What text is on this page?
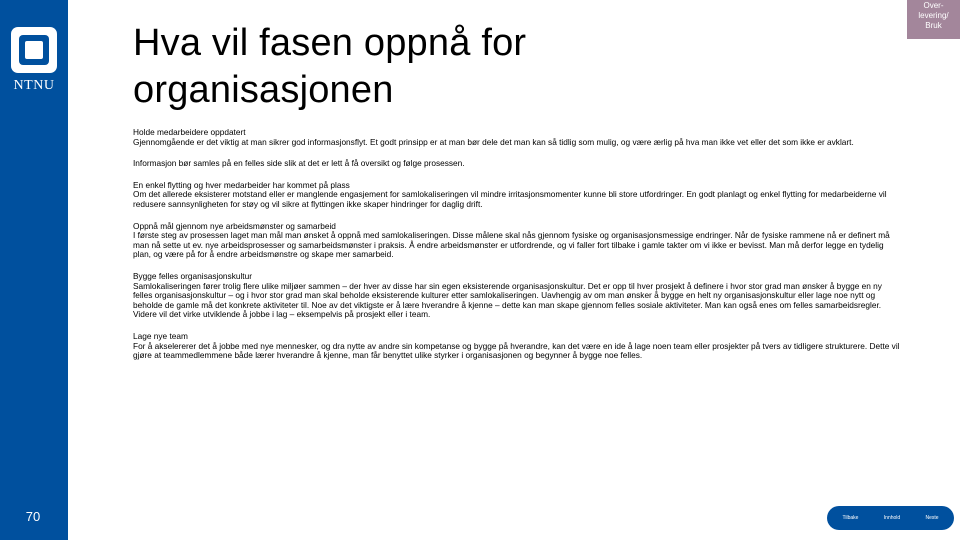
NTNU
70
Over-
levering/
Bruk
Hva vil fasen oppnå for
organisasjonen

Holde medarbeidere oppdatert

Gjennomgående er det viktig at man sikrer god informasjonsflyt. Et godt prinsipp er at man bør dele det man kan så tidlig som mulig, og være ærlig på hva man ikke vet eller det som ikke er avklart.

Informasjon bør samles på en felles side slik at det er lett å få oversikt og følge prosessen.

En enkel flytting og hver medarbeider har kommet på plass

Om det allerede eksisterer motstand eller er manglende engasjement for samlokaliseringen vil mindre irritasjonsmomenter kunne bli store utfordringer. En godt planlagt og enkel flytting for medarbeiderne vil redusere sannsynligheten for støy og vil sikre at flyttingen ikke skaper hindringer for daglig drift.

Oppnå mål gjennom nye arbeidsmønster og samarbeid

I første steg av prosessen laget man mål man ønsket å oppnå med samlokaliseringen. Disse målene skal nås gjennom fysiske og organisasjonsmessige endringer. Når de fysiske rammene nå er definert må man nå sette ut ev. nye arbeidsprosesser og samarbeidsmønster i praksis. Å endre arbeidsmønster er utfordrende, og vi faller fort tilbake i gamle takter om vi ikke er bevisst. Man må derfor legge en tydelig plan, og være på for å endre arbeidsmønstre og skape mer samarbeid.

Bygge felles organisasjonskultur

Samlokaliseringen fører trolig flere ulike miljøer sammen – der hver av disse har sin egen eksisterende organisasjonskultur. Det er opp til hver prosjekt å definere i hvor stor grad man ønsker å bygge en ny felles organisasjonskultur – og i hvor stor grad man skal beholde eksisterende kulturer etter samlokaliseringen. Uavhengig av om man ønsker å bygge en helt ny organisasjonskultur eller lage noe nytt og beholde de gamle må det konkrete aktiviteter til. Noe av det viktigste er å lære hverandre å kjenne – dette kan man skape gjennom felles sosiale aktiviteter. Man kan også enes om felles samarbeidsregler. Videre vil det virke utviklende å jobbe i lag – eksempelvis på prosjekt eller i team.

Lage nye team

For å akselererer det å jobbe med nye mennesker, og dra nytte av andre sin kompetanse og bygge på hverandre, kan det være en ide å lage noen team eller prosjekter på tvers av tidligere strukturere. Dette vil gjøre at teammedlemmene både lærer hverandre å kjenne, man får benyttet ulike styrker i organisasjonen og begynner å bygge noe felles.

Tilbake	Innhold	Neste
